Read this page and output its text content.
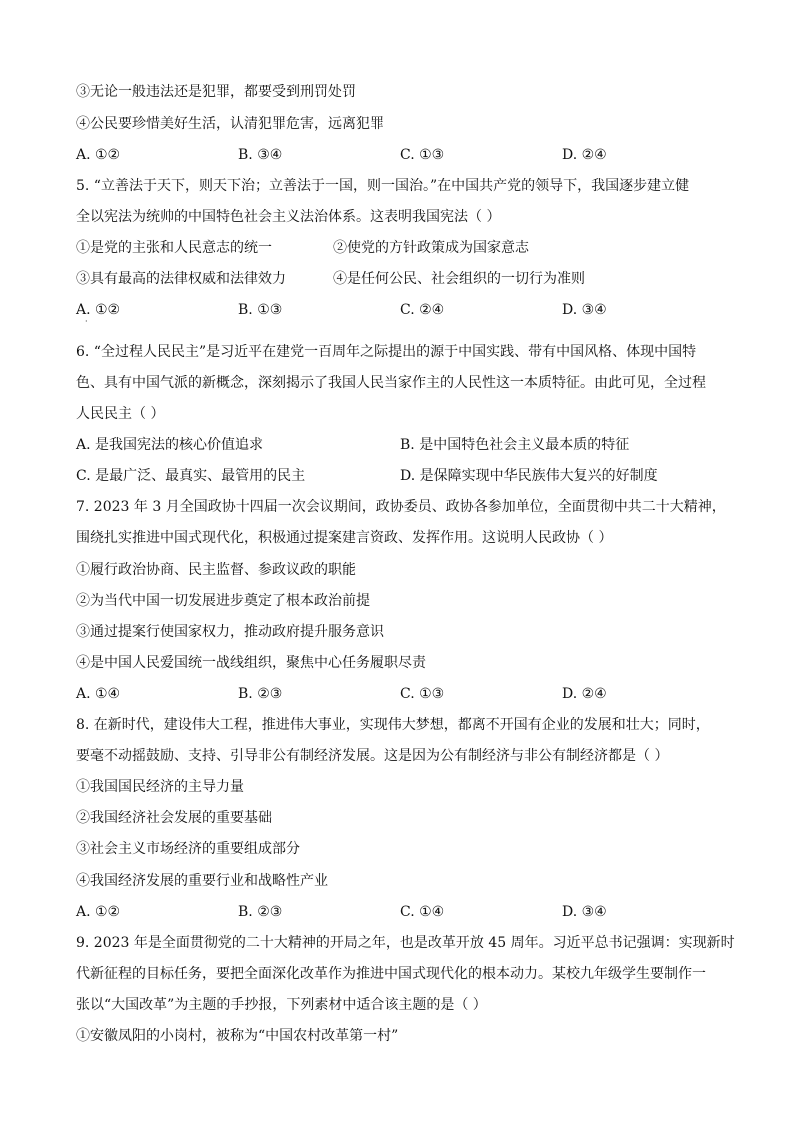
③无论一般违法还是犯罪，都要受到刑罚处罚
④公民要珍惜美好生活，认清犯罪危害，远离犯罪
A. ①②	B. ③④	C. ①③	D. ②④
5. “立善法于天下，则天下治；立善法于一国，则一国治。”在中国共产党的领导下，我国逐步建立健
全以宪法为统帅的中国特色社会主义法治体系。这表明我国宪法（ ）
①是党的主张和人民意志的统一	②使党的方针政策成为国家意志
③具有最高的法律权威和法律效力	④是任何公民、社会组织的一切行为准则
A. ①②	B. ①③	C. ②④	D. ③④
·
6. “全过程人民民主”是习近平在建党一百周年之际提出的源于中国实践、带有中国风格、体现中国特
色、具有中国气派的新概念，深刻揭示了我国人民当家作主的人民性这一本质特征。由此可见，全过程
人民民主（ ）
A. 是我国宪法的核心价值追求	B. 是中国特色社会主义最本质的特征
C. 是最广泛、最真实、最管用的民主	D. 是保障实现中华民族伟大复兴的好制度
7. 2023 年 3 月全国政协十四届一次会议期间，政协委员、政协各参加单位，全面贯彻中共二十大精神，
围绕扎实推进中国式现代化，积极通过提案建言资政、发挥作用。这说明人民政协（ ）
①履行政治协商、民主监督、参政议政的职能
②为当代中国一切发展进步奠定了根本政治前提
③通过提案行使国家权力，推动政府提升服务意识
④是中国人民爱国统一战线组织，聚焦中心任务履职尽责
A. ①④	B. ②③	C. ①③	D. ②④
8. 在新时代，建设伟大工程，推进伟大事业，实现伟大梦想，都离不开国有企业的发展和壮大；同时，
要毫不动摇鼓励、支持、引导非公有制经济发展。这是因为公有制经济与非公有制经济都是（ ）
①我国国民经济的主导力量
②我国经济社会发展的重要基础
③社会主义市场经济的重要组成部分
④我国经济发展的重要行业和战略性产业
A. ①②	B. ②③	C. ①④	D. ③④
9. 2023 年是全面贯彻党的二十大精神的开局之年，也是改革开放 45 周年。习近平总书记强调：实现新时
代新征程的目标任务，要把全面深化改革作为推进中国式现代化的根本动力。某校九年级学生要制作一
张以“大国改革”为主题的手抄报，下列素材中适合该主题的是（ ）
①安徽凤阳的小岗村，被称为“中国农村改革第一村”
